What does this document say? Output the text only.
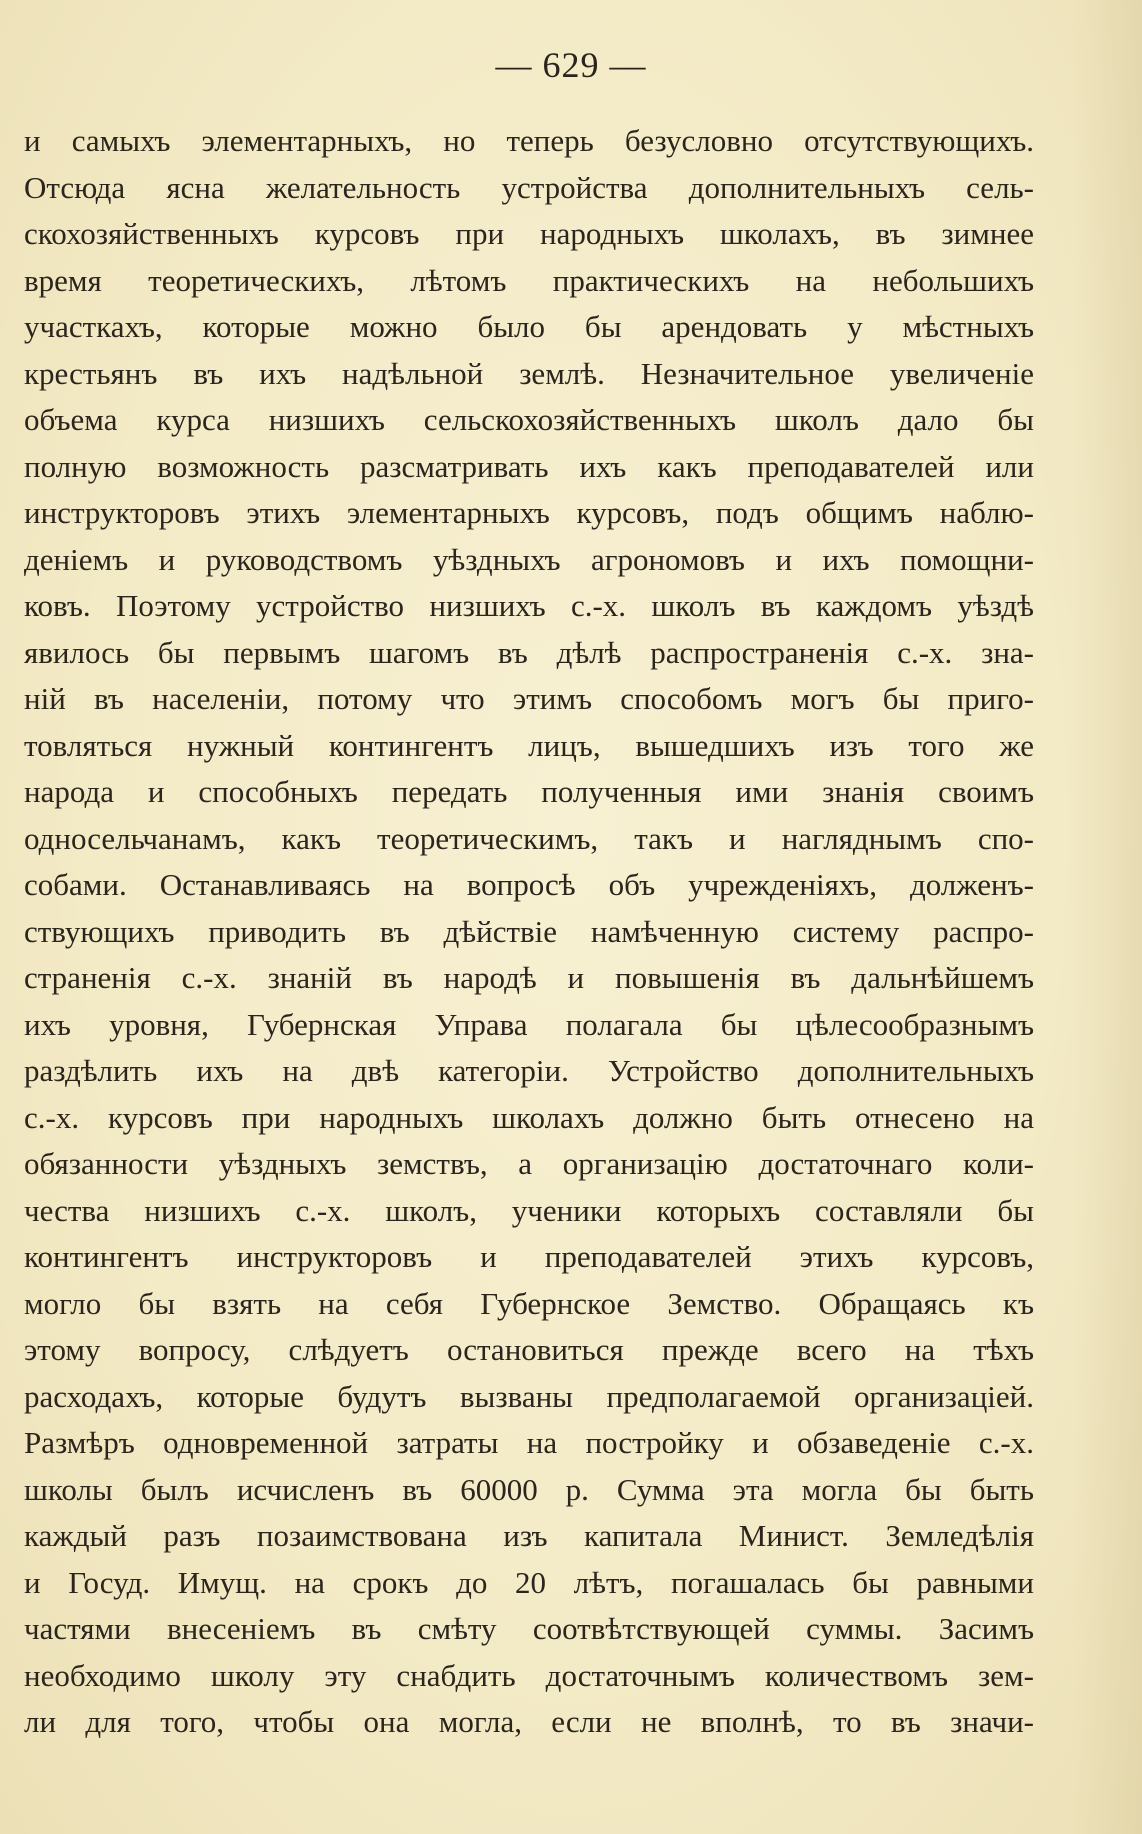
— 629 —
и самыхъ элементарныхъ, но теперь безусловно отсутствующихъ.
Отсюда ясна желательность устройства дополнительныхъ сель-
скохозяйственныхъ курсовъ при народныхъ школахъ, въ зимнее
время теоретическихъ, лѣтомъ практическихъ на небольшихъ
участкахъ, которые можно было бы арендовать у мѣстныхъ
крестьянъ въ ихъ надѣльной землѣ. Незначительное увеличеніе
объема курса низшихъ сельскохозяйственныхъ школъ дало бы
полную возможность разсматривать ихъ какъ преподавателей или
инструкторовъ этихъ элементарныхъ курсовъ, подъ общимъ наблю-
деніемъ и руководствомъ уѣздныхъ агрономовъ и ихъ помощни-
ковъ. Поэтому устройство низшихъ с.-х. школъ въ каждомъ уѣздѣ
явилось бы первымъ шагомъ въ дѣлѣ распространенія с.-х. зна-
ній въ населеніи, потому что этимъ способомъ могъ бы приго-
товляться нужный контингентъ лицъ, вышедшихъ изъ того же
народа и способныхъ передать полученныя ими знанія своимъ
односельчанамъ, какъ теоретическимъ, такъ и нагляднымъ спо-
собами. Останавливаясь на вопросѣ объ учрежденіяхъ, долженъ-
ствующихъ приводить въ дѣйствіе намѣченную систему распро-
страненія с.-х. знаній въ народѣ и повышенія въ дальнѣйшемъ
ихъ уровня, Губернская Управа полагала бы цѣлесообразнымъ
раздѣлить ихъ на двѣ категоріи. Устройство дополнительныхъ
с.-х. курсовъ при народныхъ школахъ должно быть отнесено на
обязанности уѣздныхъ земствъ, а организацію достаточнаго коли-
чества низшихъ с.-х. школъ, ученики которыхъ составляли бы
контингентъ инструкторовъ и преподавателей этихъ курсовъ,
могло бы взять на себя Губернское Земство. Обращаясь къ
этому вопросу, слѣдуетъ остановиться прежде всего на тѣхъ
расходахъ, которые будутъ вызваны предполагаемой организаціей.
Размѣръ одновременной затраты на постройку и обзаведеніе с.-х.
школы былъ исчисленъ въ 60000 р. Сумма эта могла бы быть
каждый разъ позаимствована изъ капитала Минист. Земледѣлія
и Госуд. Имущ. на срокъ до 20 лѣтъ, погашалась бы равными
частями внесеніемъ въ смѣту соотвѣтствующей суммы. Засимъ
необходимо школу эту снабдить достаточнымъ количествомъ зем-
ли для того, чтобы она могла, если не вполнѣ, то въ значи-
